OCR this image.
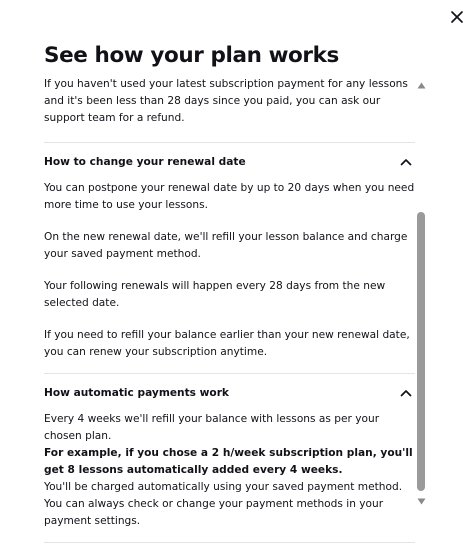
See how your plan works

If you haven't used your latest subscription payment for any lessons and it's been less than 28 days since you paid, you can ask our support team for a refund.

How to change your renewal date

You can postpone your renewal date by up to 20 days when you need more time to use your lessons.

On the new renewal date, we'll refill your lesson balance and charge your saved payment method.

Your following renewals will happen every 28 days from the new selected date.

If you need to refill your balance earlier than your new renewal date, you can renew your subscription anytime.

How automatic payments work

Every 4 weeks we'll refill your balance with lessons as per your chosen plan.

For example, if you chose a 2 h/week subscription plan, you'll get 8 lessons automatically added every 4 weeks.

You'll be charged automatically using your saved payment method. You can always check or change your payment methods in your payment settings.
